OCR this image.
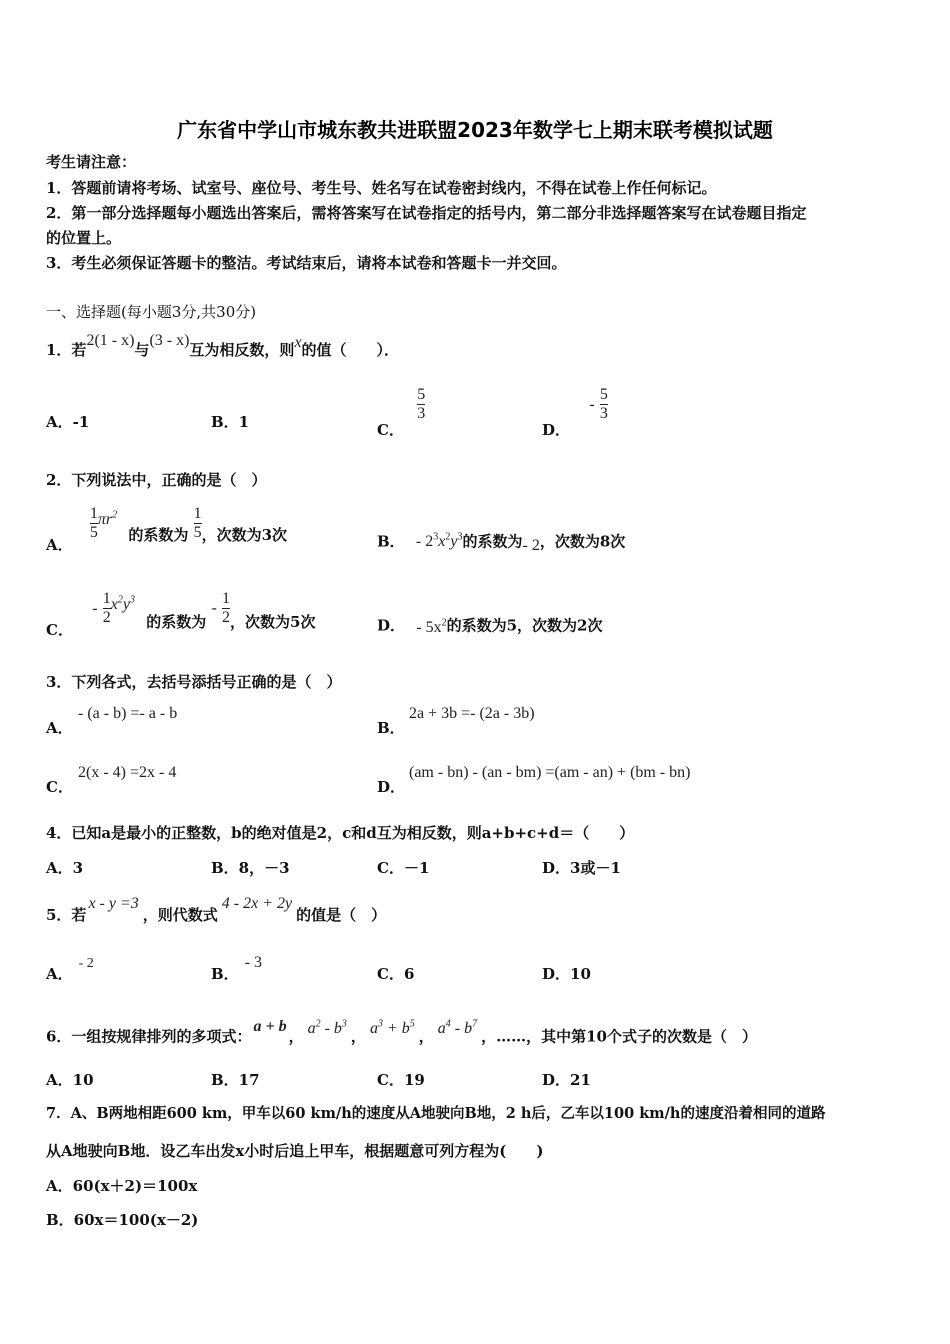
广东省中学山市城东教共进联盟2023年数学七上期末联考模拟试题
考生请注意：
1．答题前请将考场、试室号、座位号、考生号、姓名写在试卷密封线内，不得在试卷上作任何标记。
2．第一部分选择题每小题选出答案后，需将答案写在试卷指定的括号内，第二部分非选择题答案写在试卷题目指定
的位置上。
3．考生必须保证答题卡的整洁。考试结束后，请将本试卷和答题卡一并交回。
一、选择题(每小题3分,共30分)
1．若2(1 - x)与(3 - x)互为相反数，则x的值（　　）．
A．-1	B．1	C．
$\frac{5}{3}$
D． - $\frac{5}{3}$
2．下列说法中，正确的是（　）
A．
$\frac{1}{5} \pi r^2$ 的系数为 $\frac{1}{5}$ ，次数为3次	B． - $2^3x^2y^3$的系数为- 2，次数为8次
C． - $\frac{1}{2} x^2y^3$ 的系数为 - $\frac{1}{2}$ ，次数为5次	D． - $5x^2$的系数为5，次数为2次
3．下列各式，去括号添括号正确的是（　）
A．
- (a - b) =- a - b
B．
2a + 3b =- (2a - 3b)
C．
2(x - 4) =2x - 4
D．
(am - bn) - (an - bm) =(am - an) + (bm - bn)
4．已知a是最小的正整数，b的绝对值是2，c和d互为相反数，则a+b+c+d＝（　　）
A．3	B．8，－3	C．－1	D．3或－1
5．若x - y =3，则代数式4 - 2x + 2y的值是（　）
A．- 2
B．- 3
C．6	D．10
6．一组按规律排列的多项式：a + b， $a^2 - b^3$， $a^3 + b^5$， $a^4 - b^7$，……，其中第10个式子的次数是（　）
A．10	B．17	C．19	D．21
7．A、B两地相距600 km，甲车以60 km/h的速度从A地驶向B地，2 h后，乙车以100 km/h的速度沿着相同的道路
从A地驶向B地．设乙车出发x小时后追上甲车，根据题意可列方程为(　　)
A．60(x＋2)＝100x
B．60x＝100(x－2)
